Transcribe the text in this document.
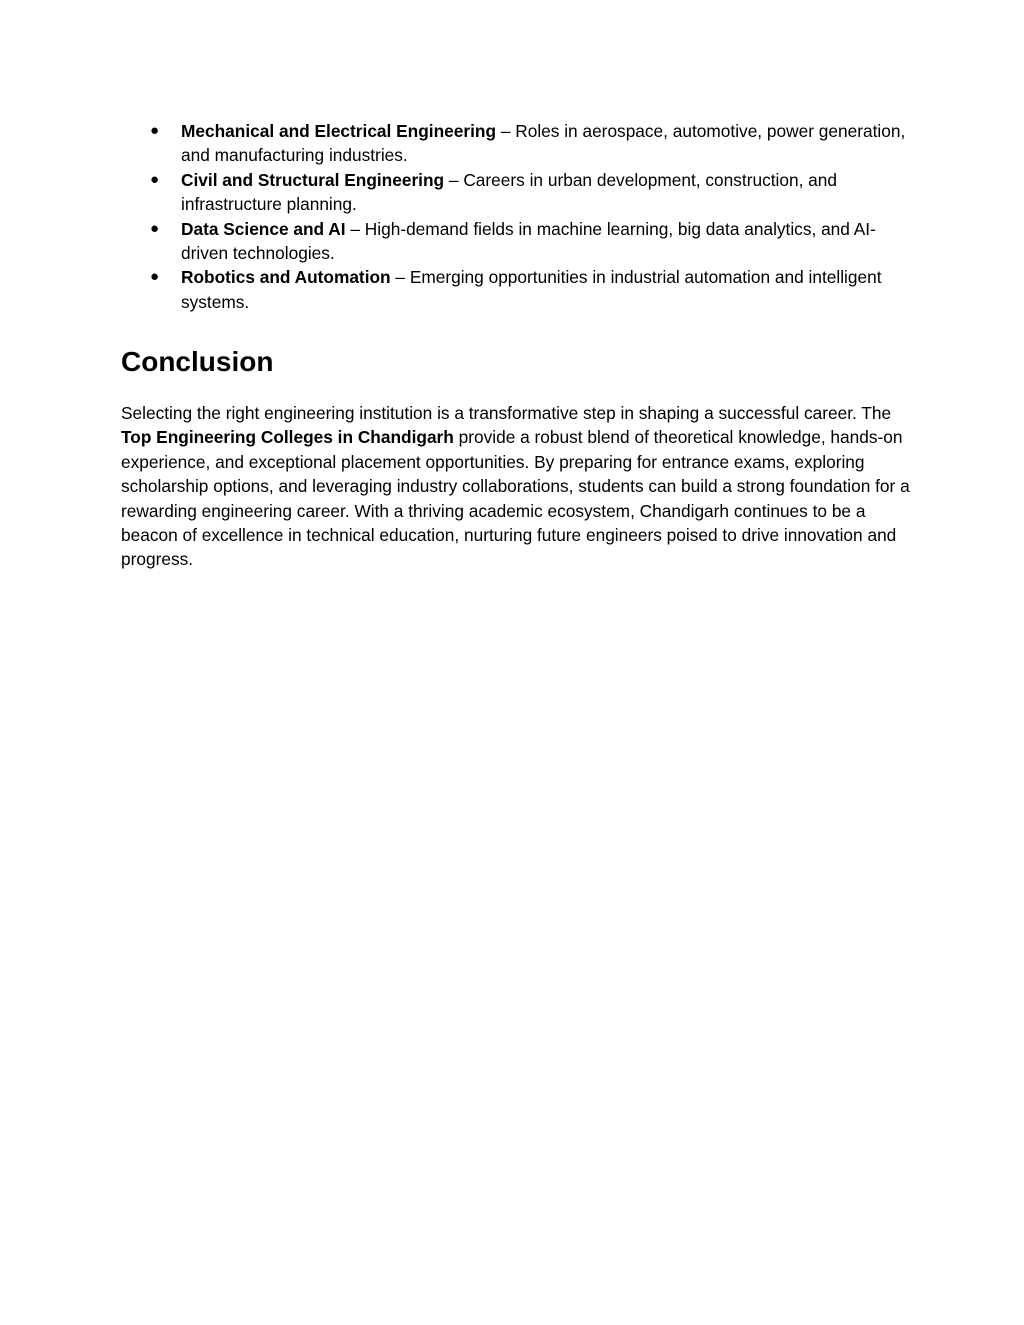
● Mechanical and Electrical Engineering – Roles in aerospace, automotive, power generation, and manufacturing industries.
● Civil and Structural Engineering – Careers in urban development, construction, and infrastructure planning.
● Data Science and AI – High-demand fields in machine learning, big data analytics, and AI-driven technologies.
● Robotics and Automation – Emerging opportunities in industrial automation and intelligent systems.
Conclusion

Selecting the right engineering institution is a transformative step in shaping a successful career. The Top Engineering Colleges in Chandigarh provide a robust blend of theoretical knowledge, hands-on experience, and exceptional placement opportunities. By preparing for entrance exams, exploring scholarship options, and leveraging industry collaborations, students can build a strong foundation for a rewarding engineering career. With a thriving academic ecosystem, Chandigarh continues to be a beacon of excellence in technical education, nurturing future engineers poised to drive innovation and progress.
